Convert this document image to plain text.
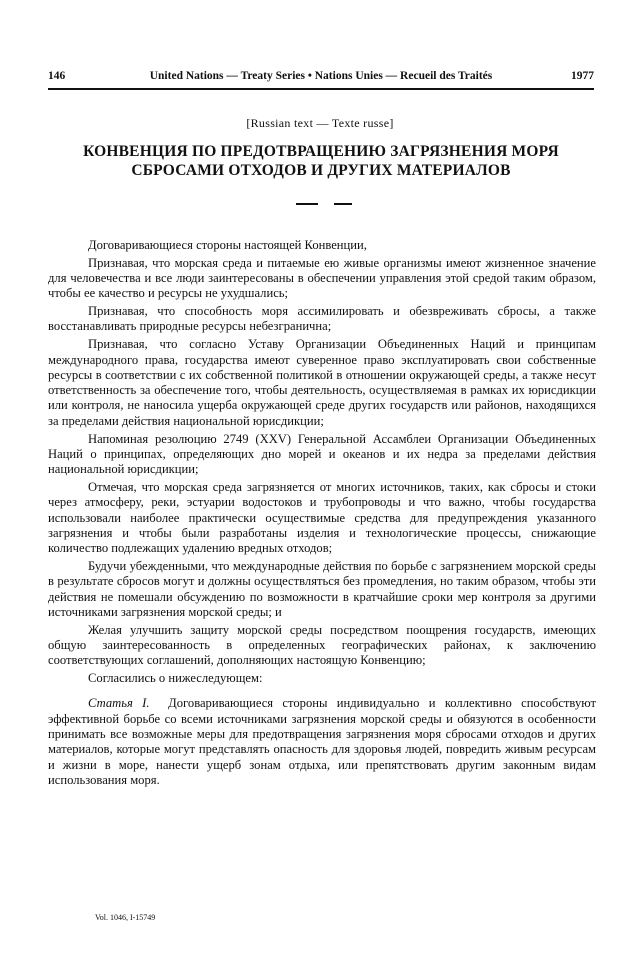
146	United Nations — Treaty Series • Nations Unies — Recueil des Traités	1977
[Russian text — Texte russe]
КОНВЕНЦИЯ ПО ПРЕДОТВРАЩЕНИЮ ЗАГРЯЗНЕНИЯ МОРЯ
СБРОСАМИ ОТХОДОВ И ДРУГИХ МАТЕРИАЛОВ

Договаривающиеся стороны настоящей Конвенции,

Признавая, что морская среда и питаемые ею живые организмы имеют жизненное значение для человечества и все люди заинтересованы в обеспечении управления этой средой таким образом, чтобы ее качество и ресурсы не ухудшались;

Признавая, что способность моря ассимилировать и обезвреживать сбросы, а также восстанавливать природные ресурсы небезгранична;

Признавая, что согласно Уставу Организации Объединенных Наций и принципам международного права, государства имеют суверенное право эксплуатировать свои собственные ресурсы в соответствии с их собственной политикой в отношении окружающей среды, а также несут ответственность за обеспечение того, чтобы деятельность, осуществляемая в рамках их юрисдикции или контроля, не наносила ущерба окружающей среде других государств или районов, находящихся за пределами действия национальной юрисдикции;

Напоминая резолюцию 2749 (XXV) Генеральной Ассамблеи Организации Объединенных Наций о принципах, определяющих дно морей и океанов и их недра за пределами действия национальной юрисдикции;

Отмечая, что морская среда загрязняется от многих источников, таких, как сбросы и стоки через атмосферу, реки, эстуарии водостоков и трубопроводы и что важно, чтобы государства использовали наиболее практически осуществимые средства для предупреждения указанного загрязнения и чтобы были разработаны изделия и технологические процессы, снижающие количество подлежащих удалению вредных отходов;

Будучи убежденными, что международные действия по борьбе с загрязнением морской среды в результате сбросов могут и должны осуществляться без промедления, но таким образом, чтобы эти действия не помешали обсуждению по возможности в кратчайшие сроки мер контроля за другими источниками загрязнения морской среды; и

Желая улучшить защиту морской среды посредством поощрения государств, имеющих общую заинтересованность в определенных географических районах, к заключению соответствующих соглашений, дополняющих настоящую Конвенцию;

Согласились о нижеследующем:

Статья I. Договаривающиеся стороны индивидуально и коллективно способствуют эффективной борьбе со всеми источниками загрязнения морской среды и обязуются в особенности принимать все возможные меры для предотвращения загрязнения моря сбросами отходов и других материалов, которые могут представлять опасность для здоровья людей, повредить живым ресурсам и жизни в море, нанести ущерб зонам отдыха, или препятствовать другим законным видам использования моря.

Vol. 1046, I-15749
